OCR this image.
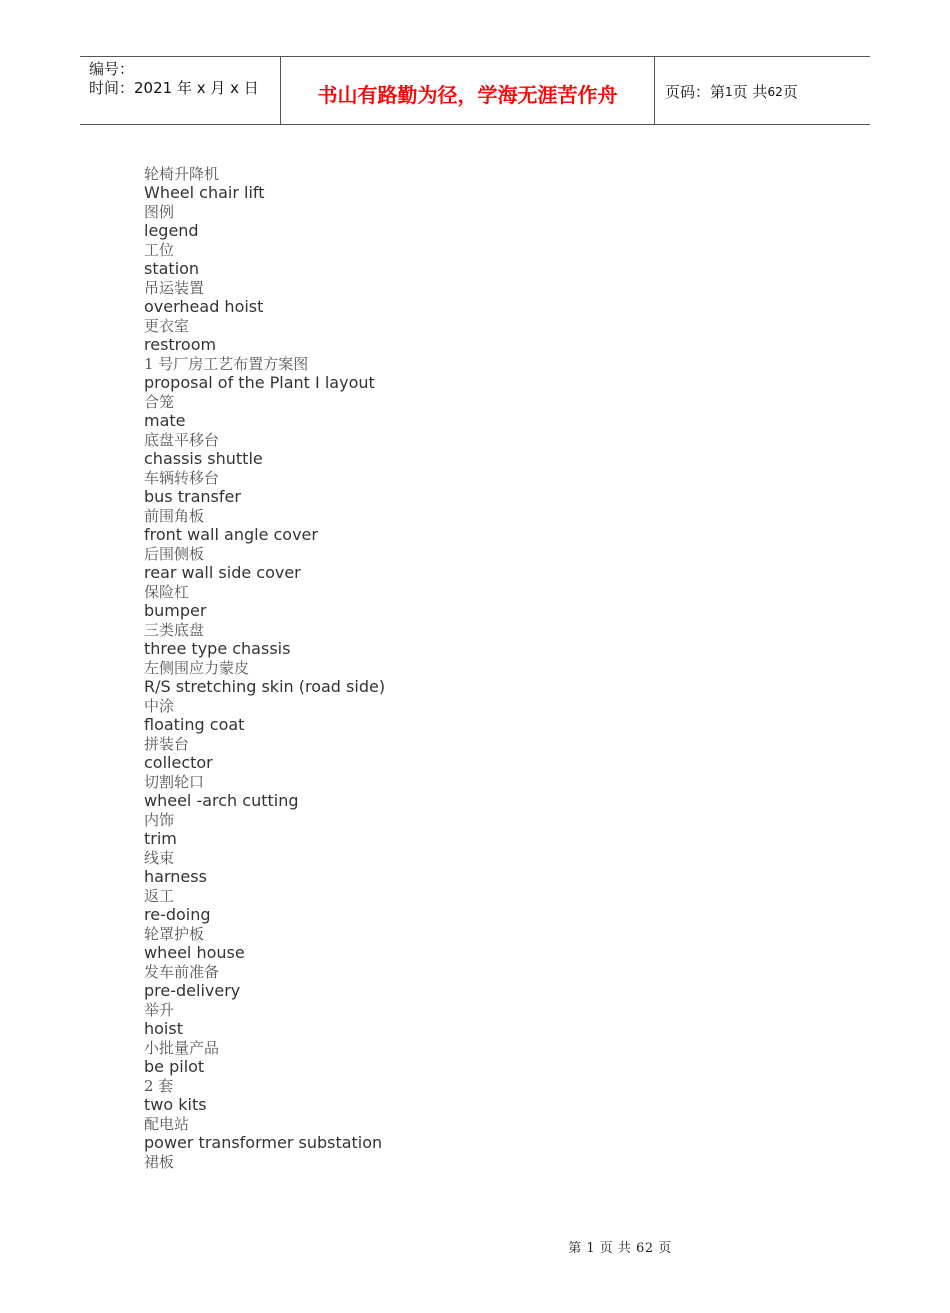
编号：
时间：2021 年 x 月 x 日	书山有路勤为径，学海无涯苦作舟	页码：第 1 页 共 62 页
轮椅升降机
Wheel chair lift
图例
legend
工位
station
吊运装置
overhead hoist
更衣室
restroom
1 号厂房工艺布置方案图
proposal of the Plant I layout
合笼
mate
底盘平移台
chassis shuttle
车辆转移台
bus transfer
前围角板
front wall angle cover
后围侧板
rear wall side cover
保险杠
bumper
三类底盘
three type chassis
左侧围应力蒙皮
R/S stretching skin (road side)
中涂
floating coat
拼装台
collector
切割轮口
wheel -arch cutting
内饰
trim
线束
harness
返工
re-doing
轮罩护板
wheel house
发车前准备
pre-delivery
举升
hoist
小批量产品
be pilot
2 套
two kits
配电站
power transformer substation
裙板
第 1 页 共 62 页
